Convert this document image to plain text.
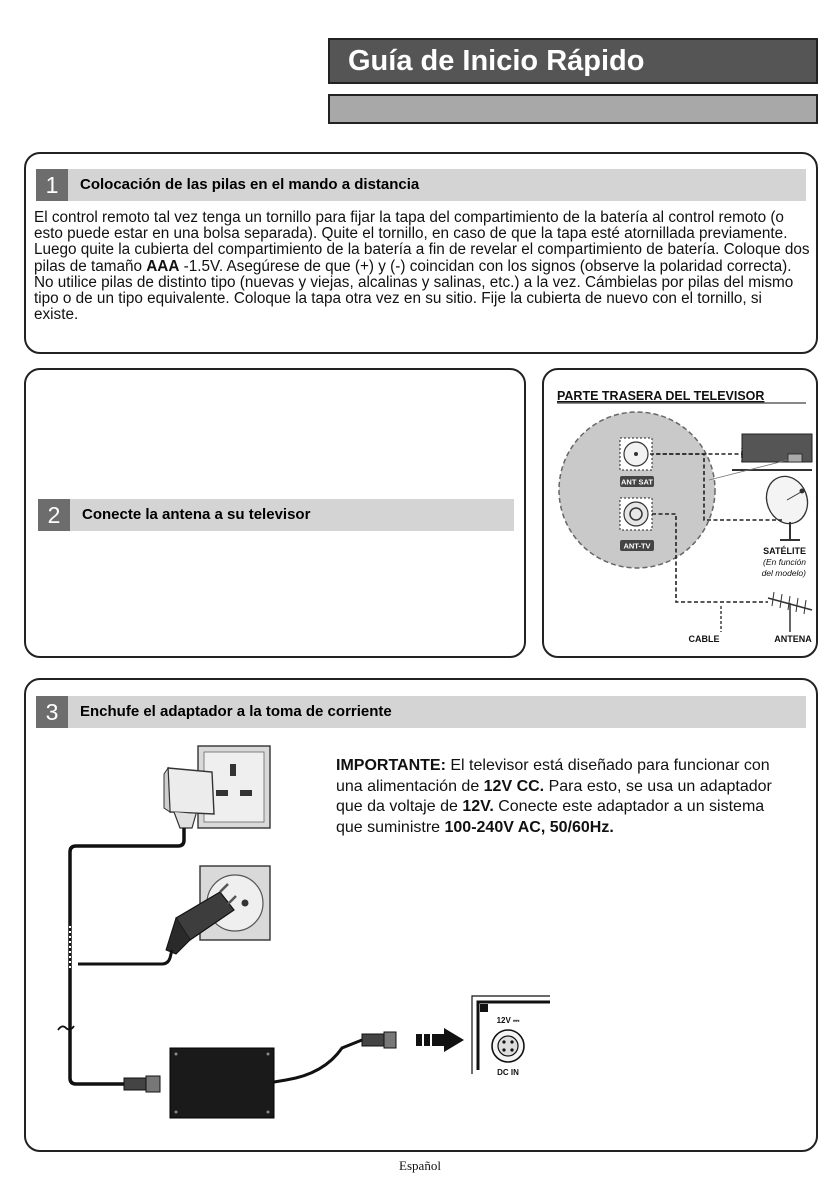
Guía de Inicio Rápido
1	Colocación de las pilas en el mando a distancia
El control remoto tal vez tenga un tornillo para fijar la tapa del compartimiento de la batería al control remoto (o esto puede estar en una bolsa separada). Quite el tornillo, en caso de que la tapa esté atornillada previamente. Luego quite la cubierta del compartimiento de la batería a fin de revelar el compartimiento de batería. Coloque dos pilas de tamaño AAA -1.5V. Asegúrese de que (+) y (-) coincidan con los signos (observe la polaridad correcta). No utilice pilas de distinto tipo (nuevas y viejas, alcalinas y salinas, etc.) a la vez. Cámbielas por pilas del mismo tipo o de un tipo equivalente. Coloque la tapa otra vez en su sitio. Fije la cubierta de nuevo con el tornillo, si existe.
2	Conecte la antena a su televisor
PARTE TRASERA DEL TELEVISOR
ANT SAT
ANT-TV	SATÉLITE
(En función
del modelo)
CABLE	ANTENA
3	Enchufe el adaptador a la toma de corriente
IMPORTANTE: El televisor está diseñado para funcionar con una alimentación de 12V CC. Para esto, se usa un adaptador que da voltaje de 12V. Conecte este adaptador a un sistema que suministre 100-240V AC, 50/60Hz.
12V ⎓
DC IN
Español
